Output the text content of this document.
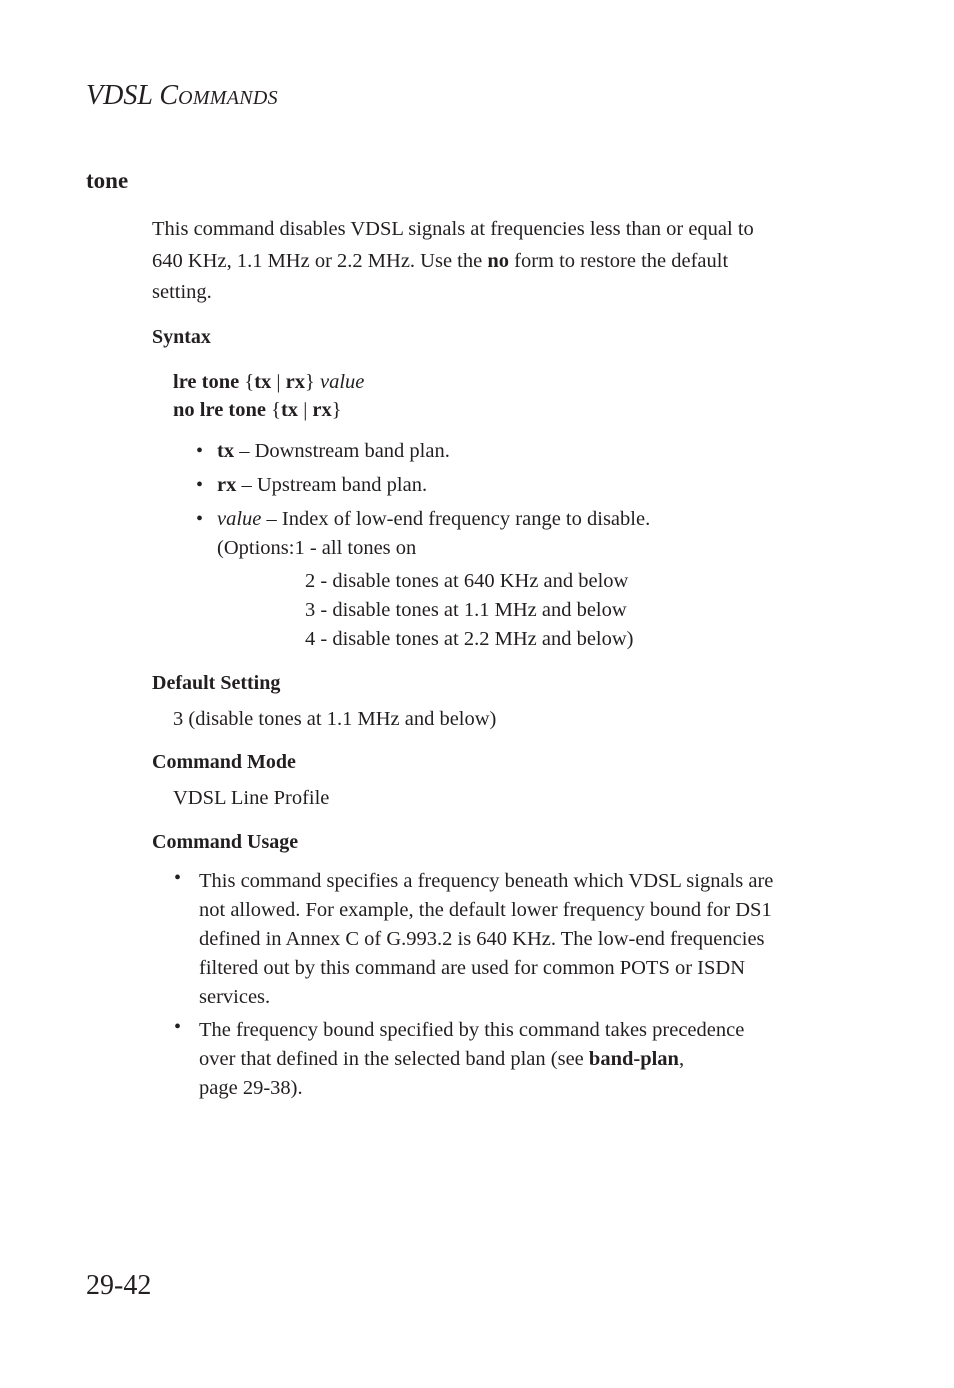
VDSL COMMANDS
tone
This command disables VDSL signals at frequencies less than or equal to
640 KHz, 1.1 MHz or 2.2 MHz. Use the no form to restore the default
setting.
Syntax
lre tone {tx | rx} value
no lre tone {tx | rx}
• tx – Downstream band plan.
• rx – Upstream band plan.
• value – Index of low-end frequency range to disable.
(Options:1 - all tones on
2 - disable tones at 640 KHz and below
3 - disable tones at 1.1 MHz and below
4 - disable tones at 2.2 MHz and below)
Default Setting
3 (disable tones at 1.1 MHz and below)
Command Mode
VDSL Line Profile
Command Usage
• This command specifies a frequency beneath which VDSL signals are
not allowed. For example, the default lower frequency bound for DS1
defined in Annex C of G.993.2 is 640 KHz. The low-end frequencies
filtered out by this command are used for common POTS or ISDN
services.
• The frequency bound specified by this command takes precedence
over that defined in the selected band plan (see band-plan,
page 29-38).
29-42
